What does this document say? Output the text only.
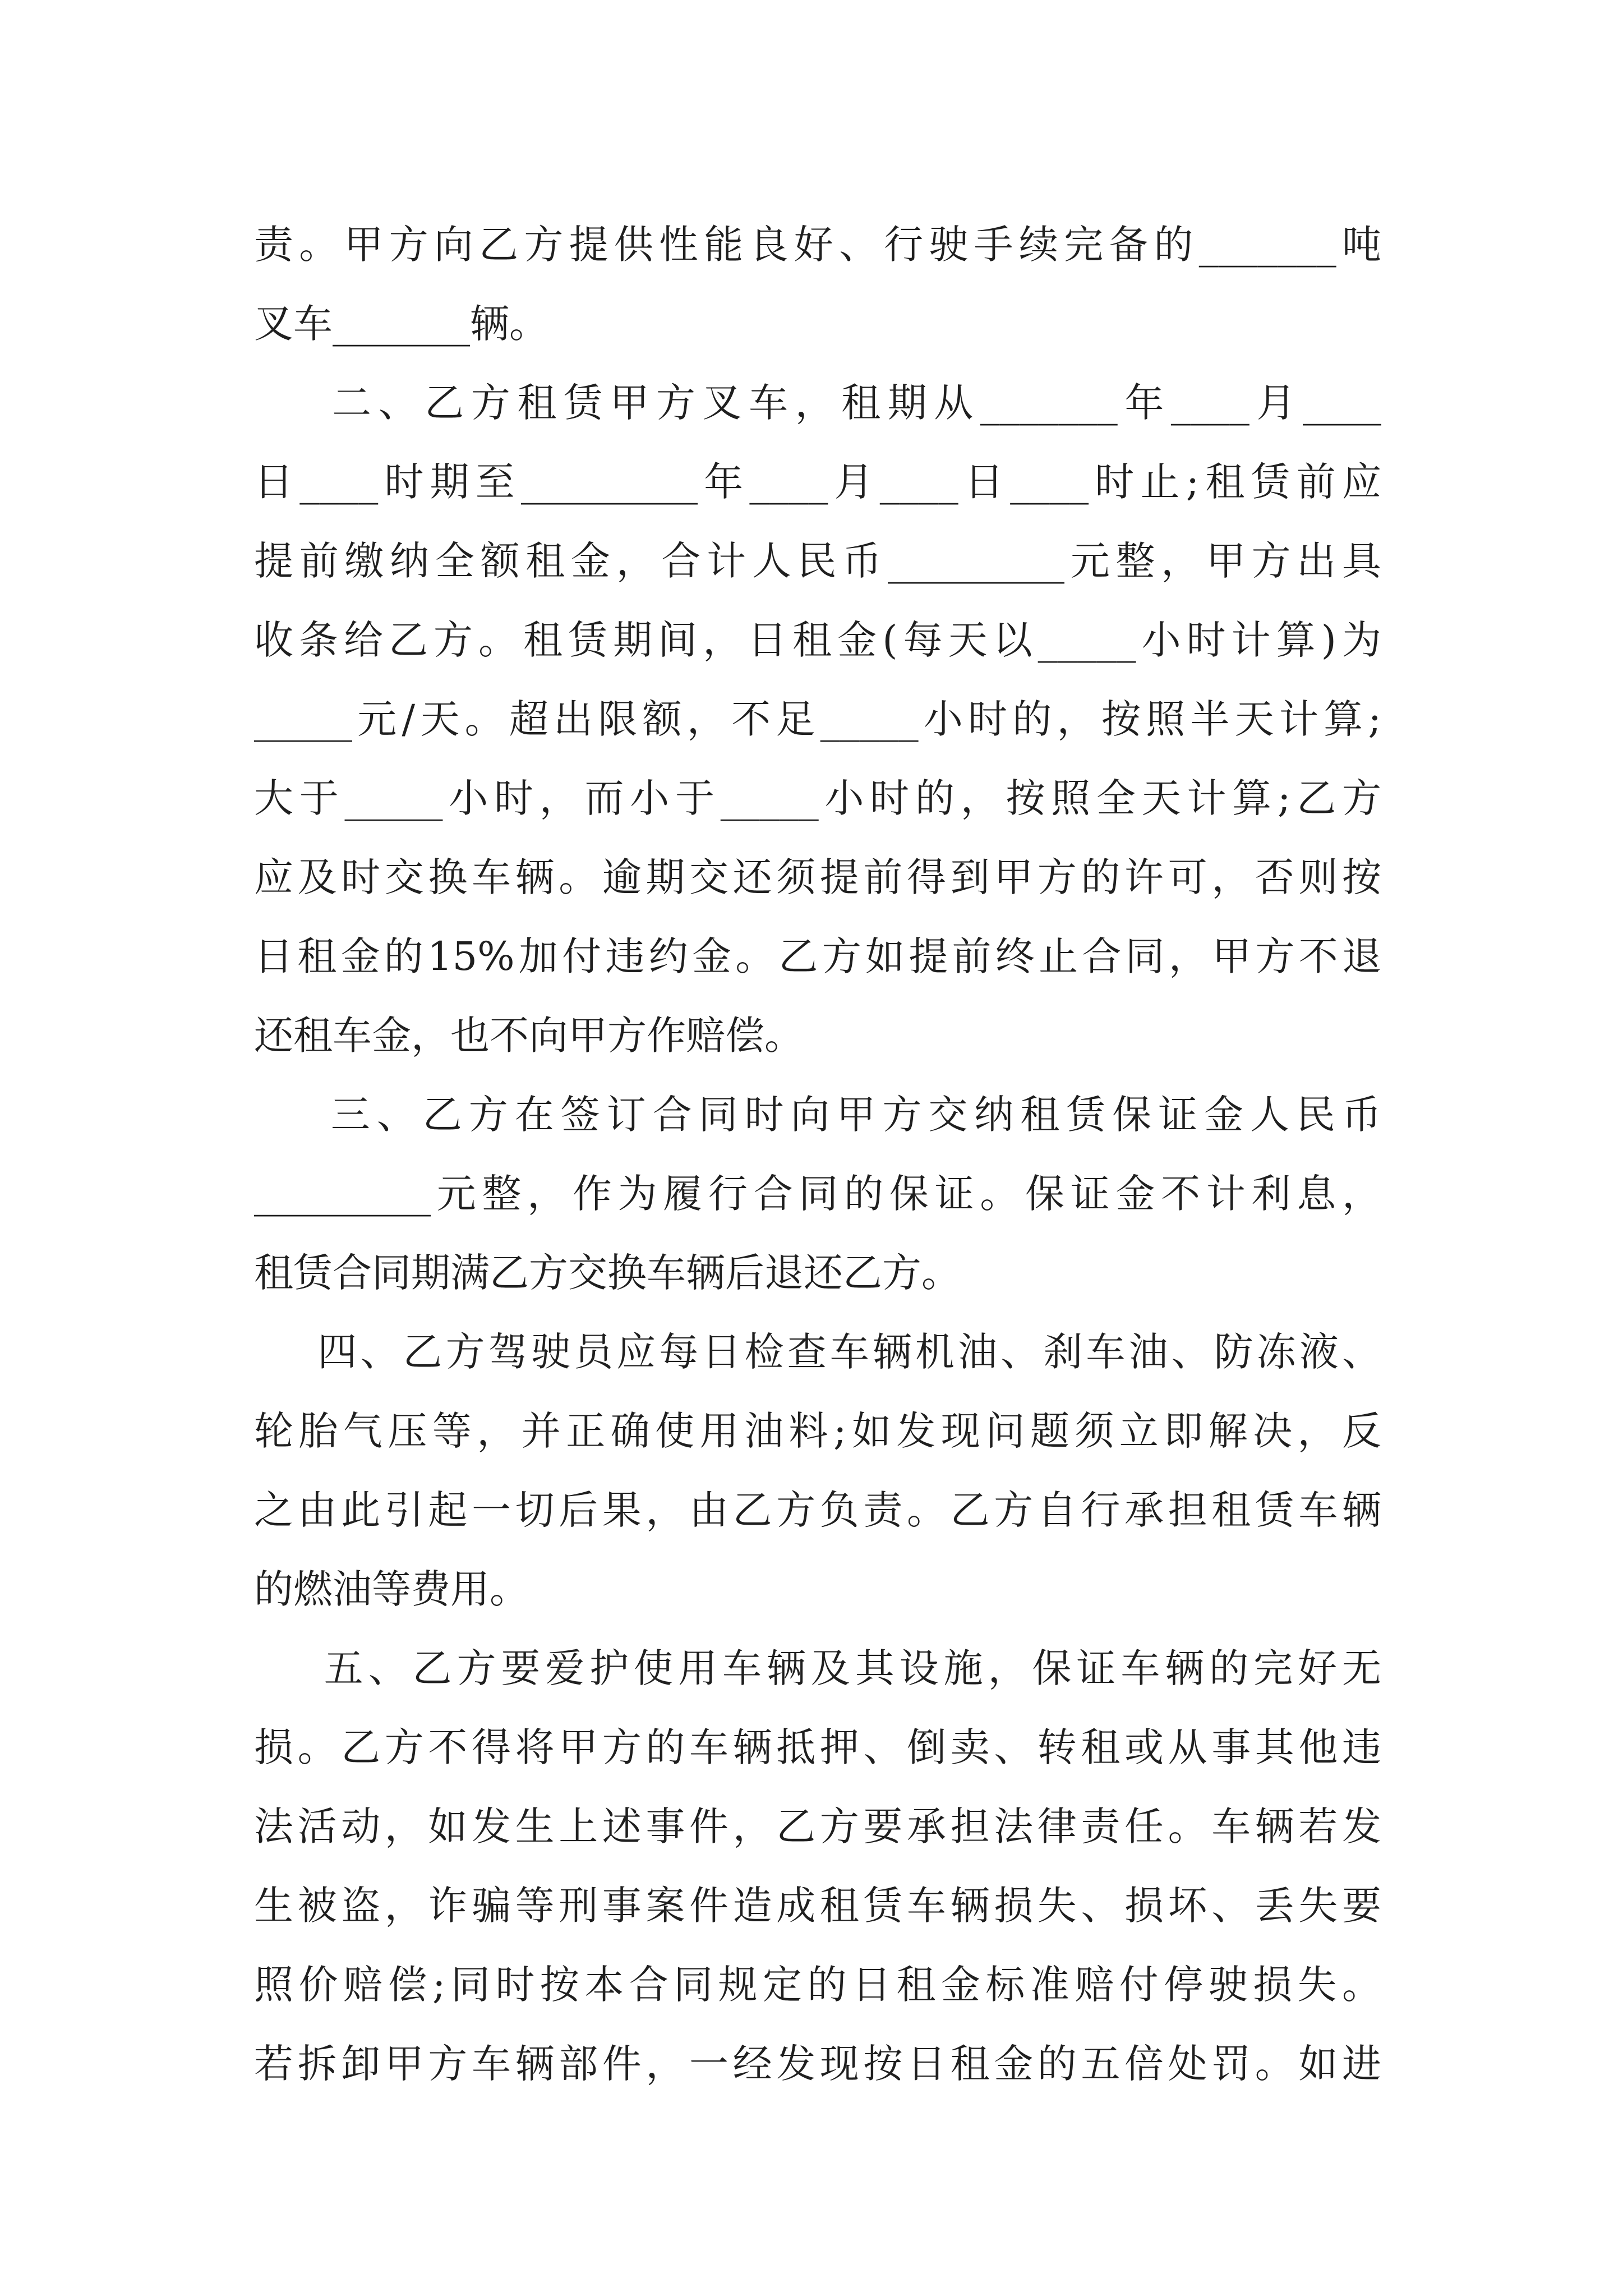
责。甲方向乙方提供性能良好、行驶手续完备的_______吨
叉车_______辆。
二、乙方租赁甲方叉车，租期从_______年____月____
日____时期至_________年____月____日____时止;租赁前应
提前缴纳全额租金，合计人民币_________元整，甲方出具
收条给乙方。租赁期间，日租金(每天以_____小时计算)为
_____元/天。超出限额，不足_____小时的，按照半天计算;
大于_____小时，而小于_____小时的，按照全天计算;乙方
应及时交换车辆。逾期交还须提前得到甲方的许可，否则按
日租金的15%加付违约金。乙方如提前终止合同，甲方不退
还租车金，也不向甲方作赔偿。
三、乙方在签订合同时向甲方交纳租赁保证金人民币
_________元整，作为履行合同的保证。保证金不计利息，
租赁合同期满乙方交换车辆后退还乙方。
四、乙方驾驶员应每日检查车辆机油、刹车油、防冻液、
轮胎气压等，并正确使用油料;如发现问题须立即解决，反
之由此引起一切后果，由乙方负责。乙方自行承担租赁车辆
的燃油等费用。
五、乙方要爱护使用车辆及其设施，保证车辆的完好无
损。乙方不得将甲方的车辆抵押、倒卖、转租或从事其他违
法活动，如发生上述事件，乙方要承担法律责任。车辆若发
生被盗，诈骗等刑事案件造成租赁车辆损失、损坏、丢失要
照价赔偿;同时按本合同规定的日租金标准赔付停驶损失。
若拆卸甲方车辆部件，一经发现按日租金的五倍处罚。如进
